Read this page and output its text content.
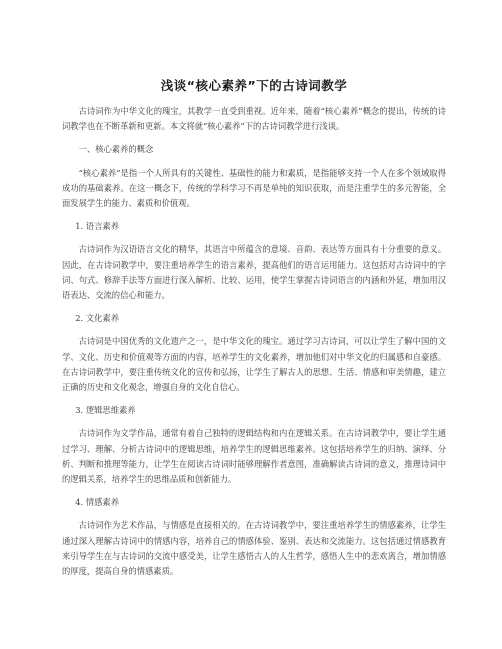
浅谈“核心素养”下的古诗词教学

古诗词作为中华文化的瑰宝，其教学一直受到重视。近年来，随着“核心素养”概念的提出，传统的诗词教学也在不断革新和更新。本文将就“核心素养”下的古诗词教学进行浅谈。

一、核心素养的概念

“核心素养”是指一个人所具有的关键性、基础性的能力和素质，是指能够支持一个人在多个领域取得成功的基础素养。在这一概念下，传统的学科学习不再是单纯的知识获取，而是注重学生的多元智能，全面发展学生的能力、素质和价值观。

1. 语言素养

古诗词作为汉语语言文化的精华，其语言中所蕴含的意境、音韵、表达等方面具有十分重要的意义。因此，在古诗词教学中，要注重培养学生的语言素养，提高他们的语言运用能力。这包括对古诗词中的字词、句式、修辞手法等方面进行深入解析、比较、运用，使学生掌握古诗词语言的内涵和外延，增加用汉语表达、交流的信心和能力。

2. 文化素养

古诗词是中国优秀的文化遗产之一，是中华文化的瑰宝。通过学习古诗词，可以让学生了解中国的文学、文化、历史和价值观等方面的内容，培养学生的文化素养，增加他们对中华文化的归属感和自豪感。在古诗词教学中，要注重传统文化的宣传和弘扬，让学生了解古人的思想、生活、情感和审美情趣，建立正确的历史和文化观念，增强自身的文化自信心。

3. 逻辑思维素养

古诗词作为文学作品，通常有着自己独特的逻辑结构和内在逻辑关系。在古诗词教学中，要让学生通过学习、理解、分析古诗词中的逻辑思维，培养学生的逻辑思维素养。这包括培养学生的归纳、演绎、分析、判断和推理等能力，让学生在阅读古诗词时能够理解作者意图，准确解读古诗词的意义，推理诗词中的逻辑关系，培养学生的思维品质和创新能力。

4. 情感素养

古诗词作为艺术作品，与情感是直接相关的。在古诗词教学中，要注重培养学生的情感素养，让学生通过深入理解古诗词中的情感内容，培养自己的情感体验、鉴别、表达和交流能力。这包括通过情感教育来引导学生在与古诗词的交流中感受美，让学生感悟古人的人生哲学，感悟人生中的悲欢离合，增加情感的厚度，提高自身的情感素质。
